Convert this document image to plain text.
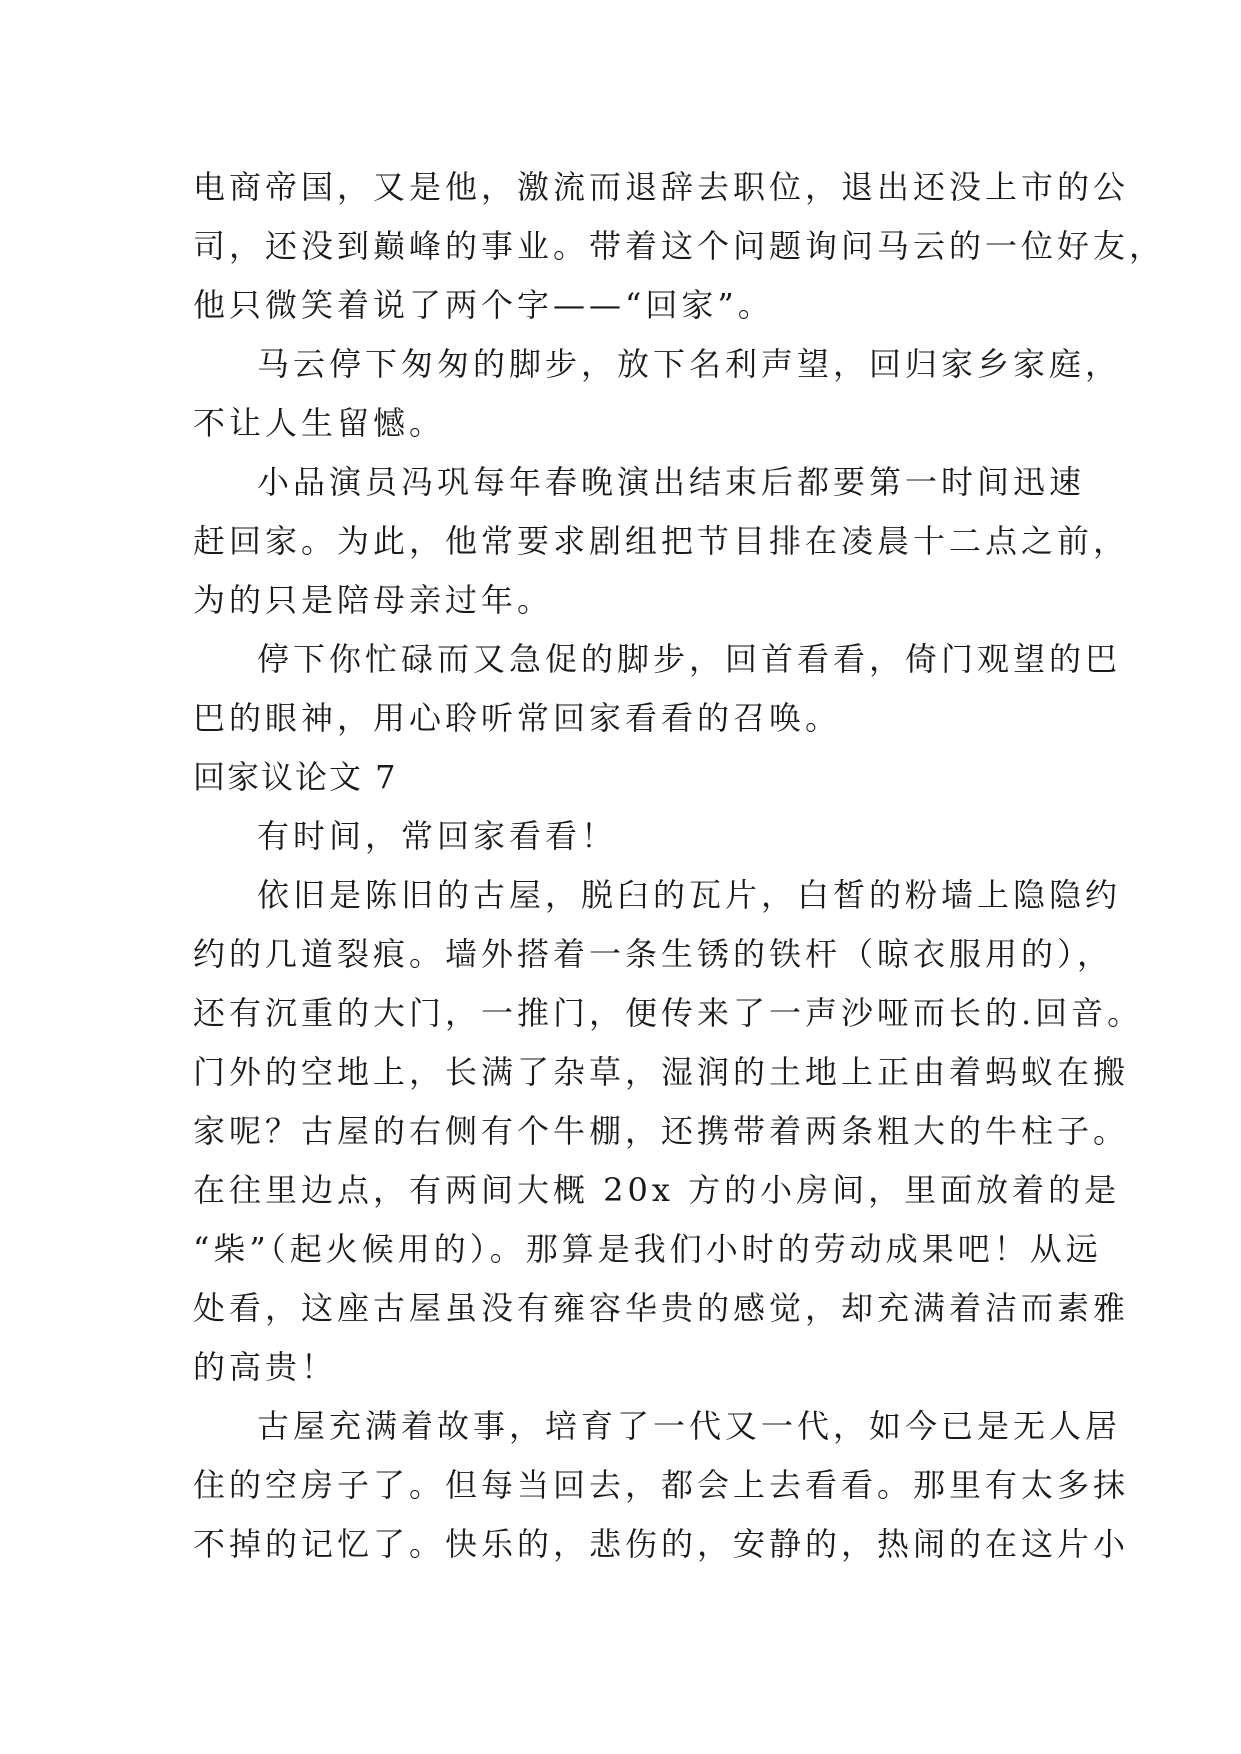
电商帝国，又是他，激流而退辞去职位，退出还没上市的公
司，还没到巅峰的事业。带着这个问题询问马云的一位好友，
他只微笑着说了两个字——“回家”。
马云停下匆匆的脚步，放下名利声望，回归家乡家庭，
不让人生留憾。
小品演员冯巩每年春晚演出结束后都要第一时间迅速
赶回家。为此，他常要求剧组把节目排在凌晨十二点之前，
为的只是陪母亲过年。
停下你忙碌而又急促的脚步，回首看看，倚门观望的巴
巴的眼神，用心聆听常回家看看的召唤。
回家议论文 7
有时间，常回家看看！
依旧是陈旧的古屋，脱臼的瓦片，白皙的粉墙上隐隐约
约的几道裂痕。墙外搭着一条生锈的铁杆（晾衣服用的），
还有沉重的大门，一推门，便传来了一声沙哑而长的.回音。
门外的空地上，长满了杂草，湿润的土地上正由着蚂蚁在搬
家呢？古屋的右侧有个牛棚，还携带着两条粗大的牛柱子。
在往里边点，有两间大概 20x 方的小房间，里面放着的是
“柴”（起火候用的）。那算是我们小时的劳动成果吧！从远
处看，这座古屋虽没有雍容华贵的感觉，却充满着洁而素雅
的高贵！
古屋充满着故事，培育了一代又一代，如今已是无人居
住的空房子了。但每当回去，都会上去看看。那里有太多抹
不掉的记忆了。快乐的，悲伤的，安静的，热闹的在这片小
